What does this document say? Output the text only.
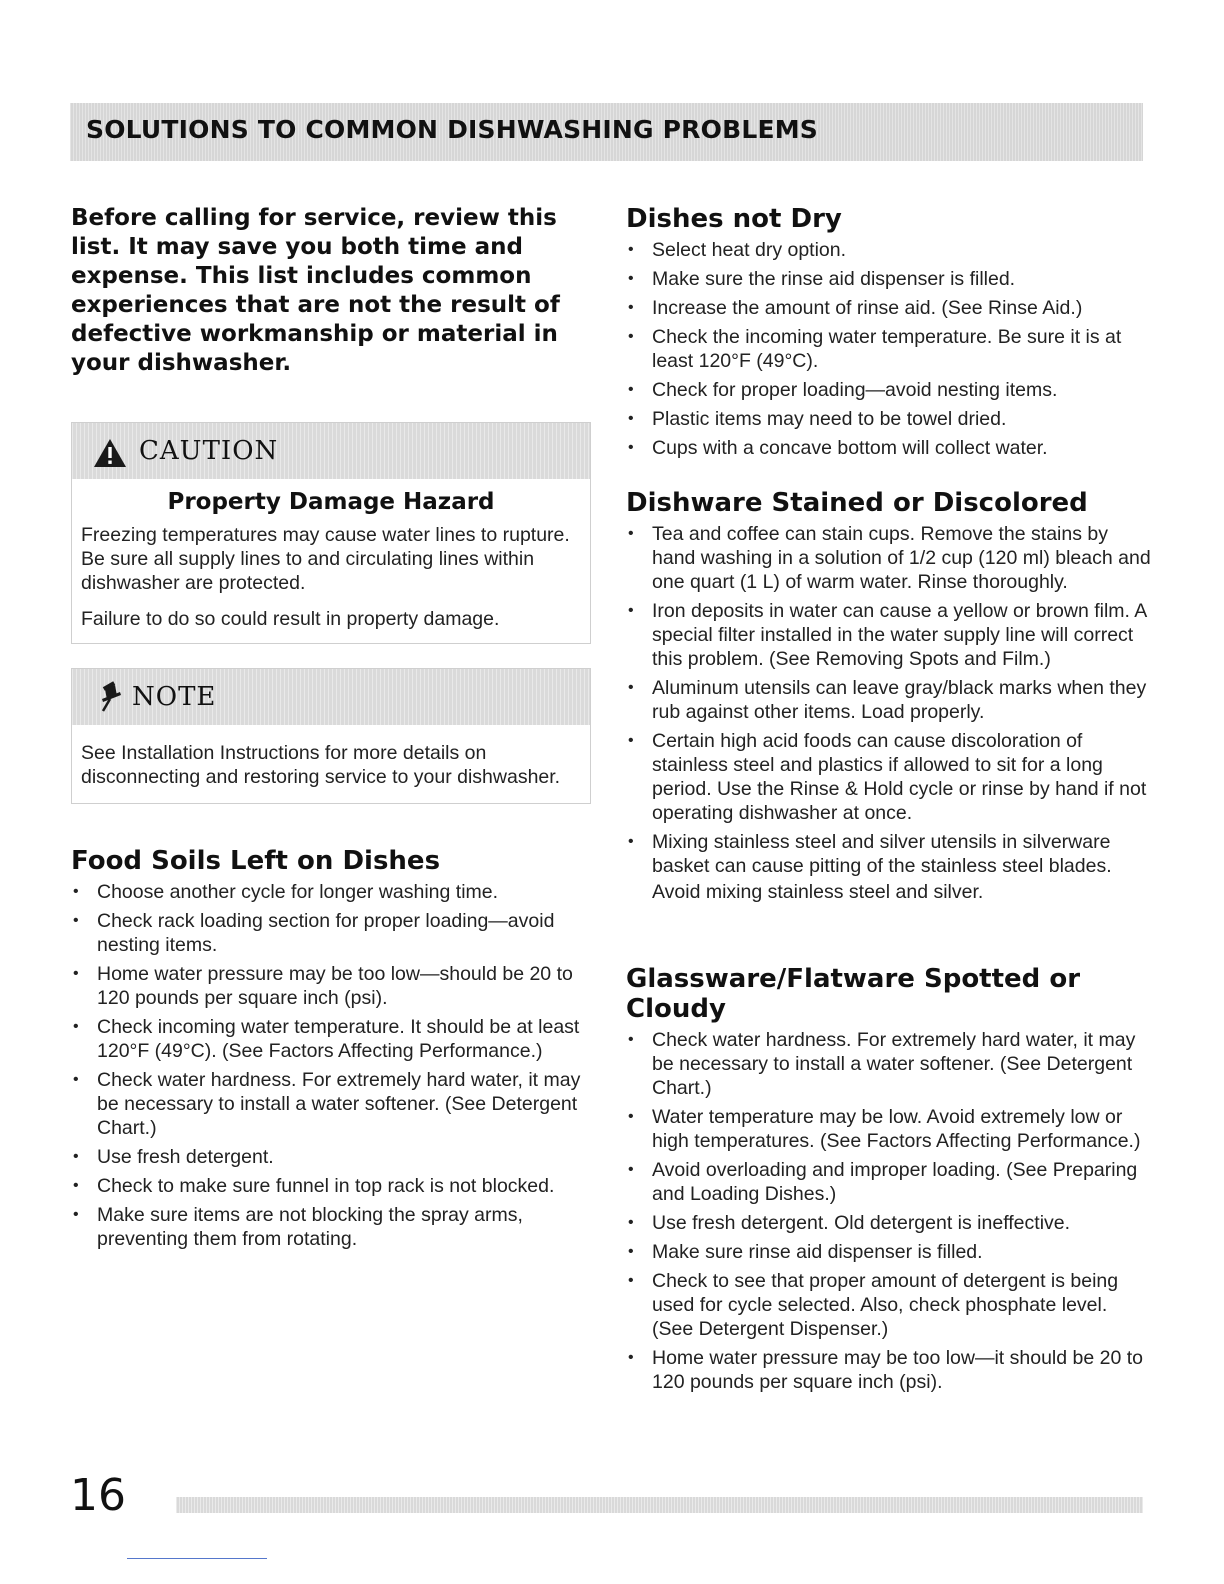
SOLUTIONS TO COMMON DISHWASHING PROBLEMS

Before calling for service, review this list. It may save you both time and expense. This list includes common experiences that are not the result of defective workmanship or material in your dishwasher.

CAUTION
Property Damage Hazard

Freezing temperatures may cause water lines to rupture. Be sure all supply lines to and circulating lines within dishwasher are protected.

Failure to do so could result in property damage.

NOTE

See Installation Instructions for more details on disconnecting and restoring service to your dishwasher.

Food Soils Left on Dishes
• Choose another cycle for longer washing time.
• Check rack loading section for proper loading—avoid nesting items.
• Home water pressure may be too low—should be 20 to 120 pounds per square inch (psi).
• Check incoming water temperature. It should be at least 120°F (49°C). (See Factors Affecting Performance.)
• Check water hardness. For extremely hard water, it may be necessary to install a water softener. (See Detergent Chart.)
• Use fresh detergent.
• Check to make sure funnel in top rack is not blocked.
• Make sure items are not blocking the spray arms, preventing them from rotating.
Dishes not Dry
• Select heat dry option.
• Make sure the rinse aid dispenser is filled.
• Increase the amount of rinse aid. (See Rinse Aid.)
• Check the incoming water temperature. Be sure it is at least 120°F (49°C).
• Check for proper loading—avoid nesting items.
• Plastic items may need to be towel dried.
• Cups with a concave bottom will collect water.
Dishware Stained or Discolored
• Tea and coffee can stain cups. Remove the stains by hand washing in a solution of 1/2 cup (120 ml) bleach and one quart (1 L) of warm water. Rinse thoroughly.
• Iron deposits in water can cause a yellow or brown film. A special filter installed in the water supply line will correct this problem. (See Removing Spots and Film.)
• Aluminum utensils can leave gray/black marks when they rub against other items. Load properly.
• Certain high acid foods can cause discoloration of stainless steel and plastics if allowed to sit for a long period. Use the Rinse & Hold cycle or rinse by hand if not operating dishwasher at once.
• Mixing stainless steel and silver utensils in silverware basket can cause pitting of the stainless steel blades.

Avoid mixing stainless steel and silver.

Glassware/Flatware Spotted or Cloudy
• Check water hardness. For extremely hard water, it may be necessary to install a water softener. (See Detergent Chart.)
• Water temperature may be low. Avoid extremely low or high temperatures. (See Factors Affecting Performance.)
• Avoid overloading and improper loading. (See Preparing and Loading Dishes.)
• Use fresh detergent. Old detergent is ineffective.
• Make sure rinse aid dispenser is filled.
• Check to see that proper amount of detergent is being used for cycle selected. Also, check phosphate level. (See Detergent Dispenser.)
• Home water pressure may be too low—it should be 20 to 120 pounds per square inch (psi).

16
